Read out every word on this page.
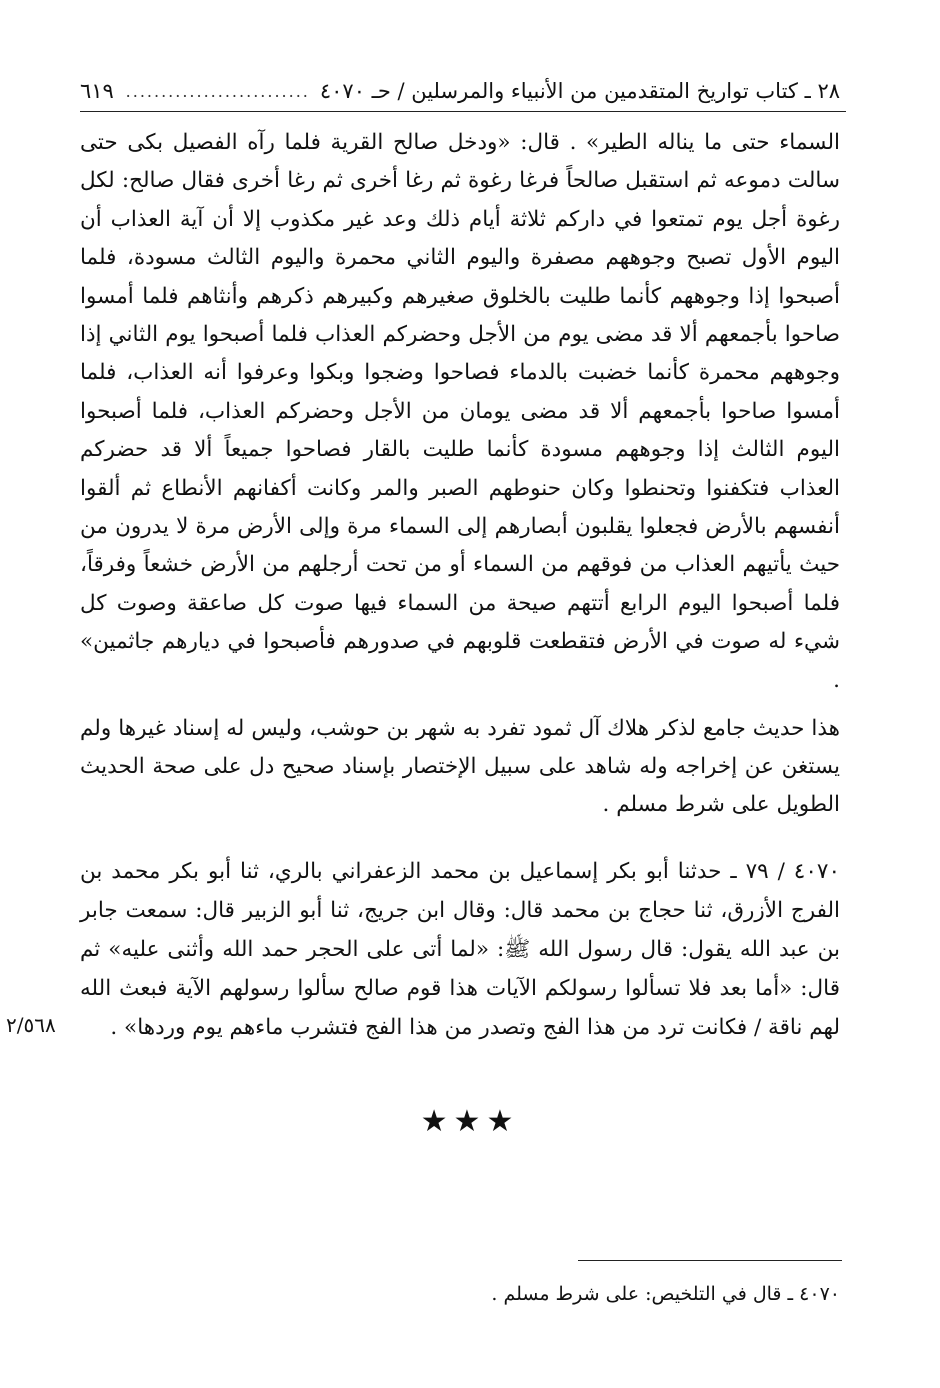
٢٨ ـ كتاب تواريخ المتقدمين من الأنبياء والمرسلين / حـ ٤٠٧٠
.....
٦١٩

السماء حتى ما يناله الطير» . قال: «ودخل صالح القرية فلما رآه الفصيل بكى حتى سالت دموعه ثم استقبل صالحاً فرغا رغوة ثم رغا أخرى ثم رغا أخرى فقال صالح: لكل رغوة أجل يوم تمتعوا في داركم ثلاثة أيام ذلك وعد غير مكذوب إلا أن آية العذاب أن اليوم الأول تصبح وجوههم مصفرة واليوم الثاني محمرة واليوم الثالث مسودة، فلما أصبحوا إذا وجوههم كأنما طليت بالخلوق صغيرهم وكبيرهم ذكرهم وأنثاهم فلما أمسوا صاحوا بأجمعهم ألا قد مضى يوم من الأجل وحضركم العذاب فلما أصبحوا يوم الثاني إذا وجوههم محمرة كأنما خضبت بالدماء فصاحوا وضجوا وبكوا وعرفوا أنه العذاب، فلما أمسوا صاحوا بأجمعهم ألا قد مضى يومان من الأجل وحضركم العذاب، فلما أصبحوا اليوم الثالث إذا وجوههم مسودة كأنما طليت بالقار فصاحوا جميعاً ألا قد حضركم العذاب فتكفنوا وتحنطوا وكان حنوطهم الصبر والمر وكانت أكفانهم الأنطاع ثم ألقوا أنفسهم بالأرض فجعلوا يقلبون أبصارهم إلى السماء مرة وإلى الأرض مرة لا يدرون من حيث يأتيهم العذاب من فوقهم من السماء أو من تحت أرجلهم من الأرض خشعاً وفرقاً، فلما أصبحوا اليوم الرابع أتتهم صيحة من السماء فيها صوت كل صاعقة وصوت كل شيء له صوت في الأرض فتقطعت قلوبهم في صدورهم فأصبحوا في ديارهم جاثمين» .

هذا حديث جامع لذكر هلاك آل ثمود تفرد به شهر بن حوشب، وليس له إسناد غيرها ولم يستغن عن إخراجه وله شاهد على سبيل الإختصار بإسناد صحيح دل على صحة الحديث الطويل على شرط مسلم .

٤٠٧٠ / ٧٩ ـ حدثنا أبو بكر إسماعيل بن محمد الزعفراني بالري، ثنا أبو بكر محمد بن الفرج الأزرق، ثنا حجاج بن محمد قال: وقال ابن جريج، ثنا أبو الزبير قال: سمعت جابر بن عبد الله يقول: قال رسول الله ﷺ: «لما أتى على الحجر حمد الله وأثنى عليه» ثم قال: «أما بعد فلا تسألوا رسولكم الآيات هذا قوم صالح سألوا رسولهم الآية فبعث الله لهم ناقة / فكانت ترد من هذا الفج وتصدر من هذا الفج فتشرب ماءهم يوم وردها» .

٢/٥٦٨
★★★
٤٠٧٠ ـ قال في التلخيص: على شرط مسلم .
